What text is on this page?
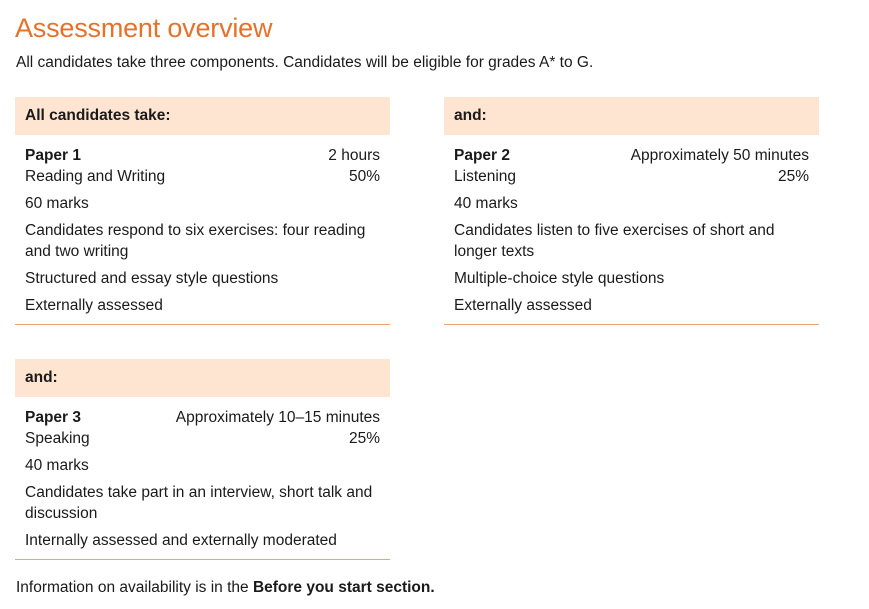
Assessment overview

All candidates take three components. Candidates will be eligible for grades A* to G.

All candidates take:
Paper 1	2 hours
Reading and Writing	50%
60 marks
Candidates respond to six exercises: four reading and two writing
Structured and essay style questions
Externally assessed
and:
Paper 2	Approximately 50 minutes
Listening	25%
40 marks
Candidates listen to five exercises of short and longer texts
Multiple-choice style questions
Externally assessed
and:
Paper 3	Approximately 10–15 minutes
Speaking	25%
40 marks
Candidates take part in an interview, short talk and discussion
Internally assessed and externally moderated

Information on availability is in the Before you start section.
